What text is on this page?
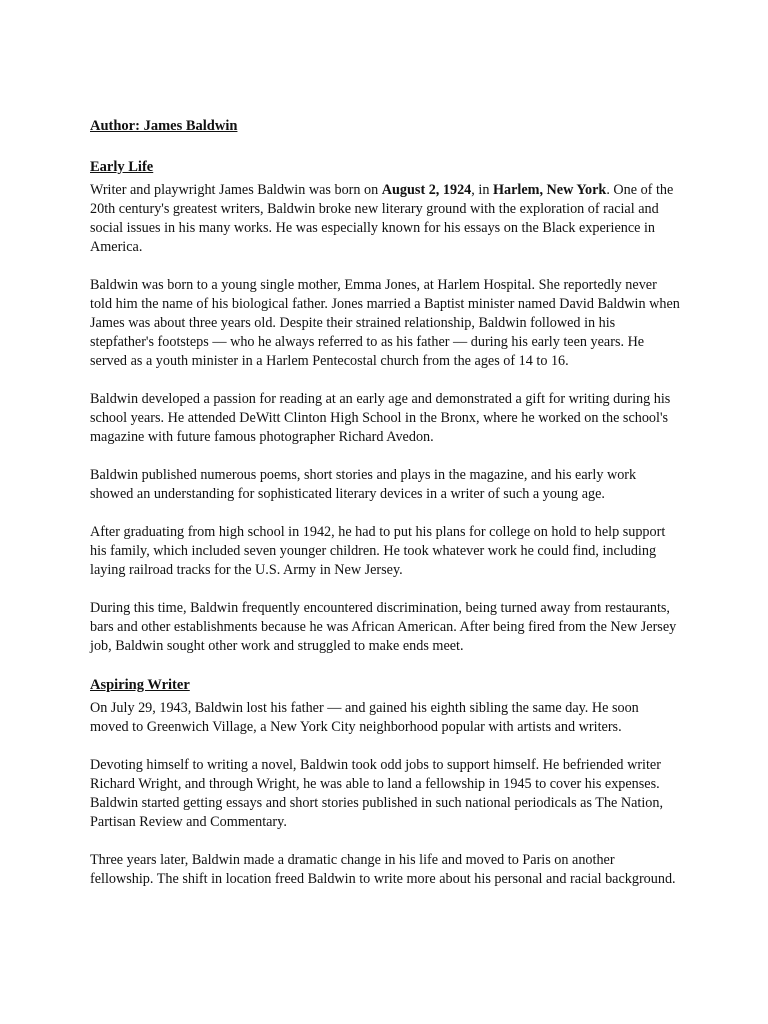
Author: James Baldwin
Early Life

Writer and playwright James Baldwin was born on August 2, 1924, in Harlem, New York. One of the 20th century's greatest writers, Baldwin broke new literary ground with the exploration of racial and social issues in his many works. He was especially known for his essays on the Black experience in America.

Baldwin was born to a young single mother, Emma Jones, at Harlem Hospital. She reportedly never told him the name of his biological father. Jones married a Baptist minister named David Baldwin when James was about three years old. Despite their strained relationship, Baldwin followed in his stepfather's footsteps — who he always referred to as his father — during his early teen years. He served as a youth minister in a Harlem Pentecostal church from the ages of 14 to 16.

Baldwin developed a passion for reading at an early age and demonstrated a gift for writing during his school years. He attended DeWitt Clinton High School in the Bronx, where he worked on the school's magazine with future famous photographer Richard Avedon.

Baldwin published numerous poems, short stories and plays in the magazine, and his early work showed an understanding for sophisticated literary devices in a writer of such a young age.

After graduating from high school in 1942, he had to put his plans for college on hold to help support his family, which included seven younger children. He took whatever work he could find, including laying railroad tracks for the U.S. Army in New Jersey.

During this time, Baldwin frequently encountered discrimination, being turned away from restaurants, bars and other establishments because he was African American. After being fired from the New Jersey job, Baldwin sought other work and struggled to make ends meet.

Aspiring Writer

On July 29, 1943, Baldwin lost his father — and gained his eighth sibling the same day. He soon moved to Greenwich Village, a New York City neighborhood popular with artists and writers.

Devoting himself to writing a novel, Baldwin took odd jobs to support himself. He befriended writer Richard Wright, and through Wright, he was able to land a fellowship in 1945 to cover his expenses. Baldwin started getting essays and short stories published in such national periodicals as The Nation, Partisan Review and Commentary.

Three years later, Baldwin made a dramatic change in his life and moved to Paris on another fellowship. The shift in location freed Baldwin to write more about his personal and racial background.
